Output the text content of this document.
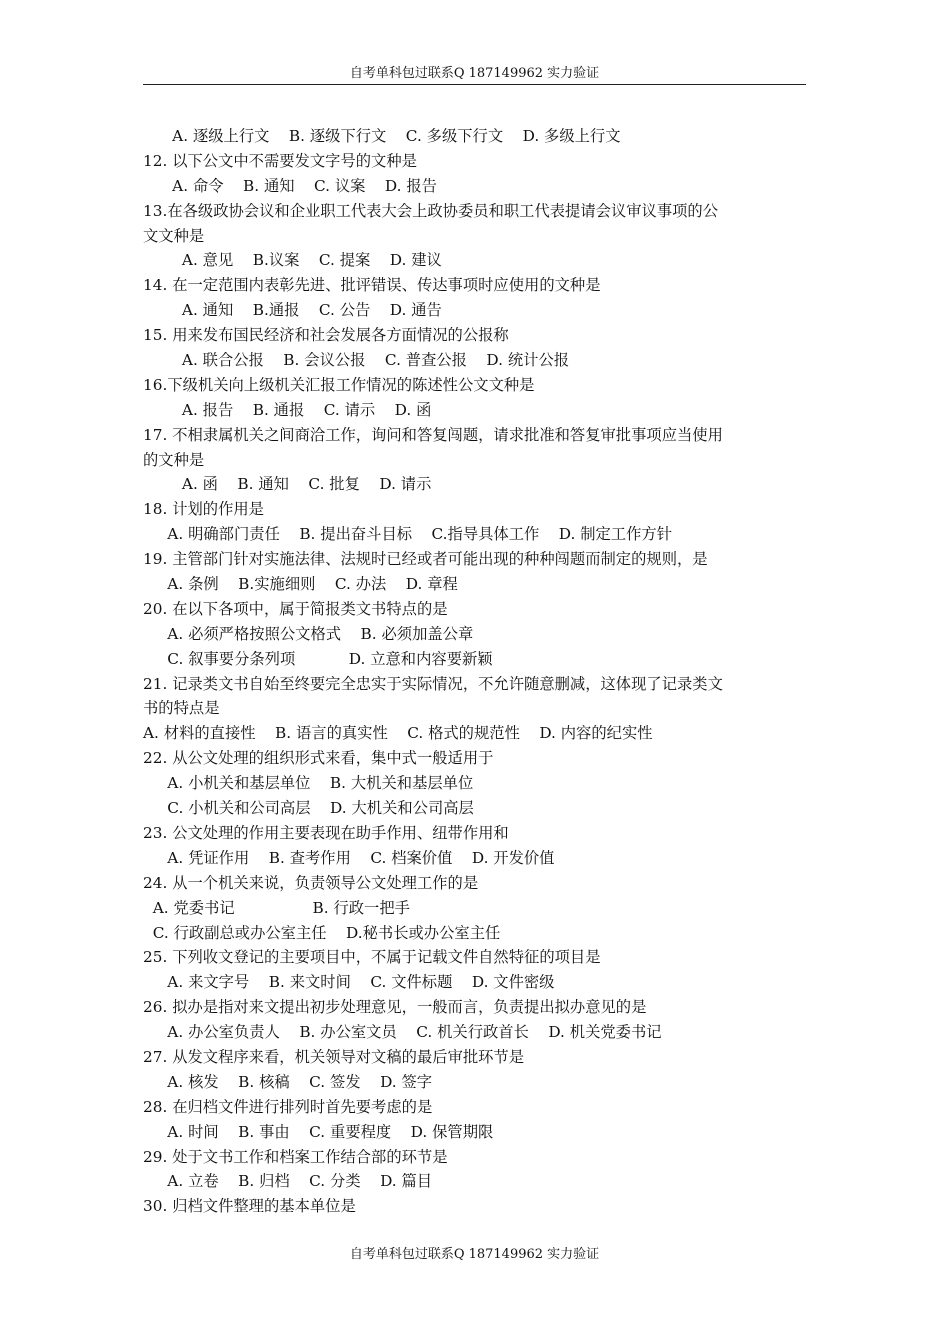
自考单科包过联系Q 187149962 实力验证
A. 逐级上行文    B. 逐级下行文    C. 多级下行文    D. 多级上行文
12. 以下公文中不需要发文字号的文种是
A. 命令    B. 通知    C. 议案    D. 报告
13.在各级政协会议和企业职工代表大会上政协委员和职工代表提请会议审议事项的公
文文种是
A. 意见    B.议案    C. 提案    D. 建议
14. 在一定范围内表彰先进、批评错误、传达事项时应使用的文种是
A. 通知    B.通报    C. 公告    D. 通告
15. 用来发布国民经济和社会发展各方面情况的公报称
A. 联合公报    B. 会议公报    C. 普查公报    D. 统计公报
16.下级机关向上级机关汇报工作情况的陈述性公文文种是
A. 报告    B. 通报    C. 请示    D. 函
17. 不相隶属机关之间商洽工作，询问和答复闯题，请求批准和答复审批事项应当使用
的文种是
A. 函    B. 通知    C. 批复    D. 请示
18. 计划的作用是
A. 明确部门责任    B. 提出奋斗目标    C.指导具体工作    D. 制定工作方针
19. 主管部门针对实施法律、法规时已经或者可能出现的种种闯题而制定的规则，是
A. 条例    B.实施细则    C. 办法    D. 章程
20. 在以下各项中，属于简报类文书特点的是
A. 必须严格按照公文格式    B. 必须加盖公章
C. 叙事要分条列项           D. 立意和内容要新颖
21. 记录类文书自始至终要完全忠实于实际情况，不允许随意删减，这体现了记录类文
书的特点是
A. 材料的直接性    B. 语言的真实性    C. 格式的规范性    D. 内容的纪实性
22. 从公文处理的组织形式来看，集中式一般适用于
A. 小机关和基层单位    B. 大机关和基层单位
C. 小机关和公司高层    D. 大机关和公司高层
23. 公文处理的作用主要表现在助手作用、纽带作用和
A. 凭证作用    B. 查考作用    C. 档案价值    D. 开发价值
24. 从一个机关来说，负责领导公文处理工作的是
A. 党委书记                B. 行政一把手
C. 行政副总或办公室主任    D.秘书长或办公室主任
25. 下列收文登记的主要项目中，不属于记载文件自然特征的项目是
A. 来文字号    B. 来文时间    C. 文件标题    D. 文件密级
26. 拟办是指对来文提出初步处理意见，一般而言，负责提出拟办意见的是
A. 办公室负责人    B. 办公室文员    C. 机关行政首长    D. 机关党委书记
27. 从发文程序来看，机关领导对文稿的最后审批环节是
A. 核发    B. 核稿    C. 签发    D. 签字
28. 在归档文件进行排列时首先要考虑的是
A. 时间    B. 事由    C. 重要程度    D. 保管期限
29. 处于文书工作和档案工作结合部的环节是
A. 立卷    B. 归档    C. 分类    D. 篇目
30. 归档文件整理的基本单位是
自考单科包过联系Q 187149962 实力验证
